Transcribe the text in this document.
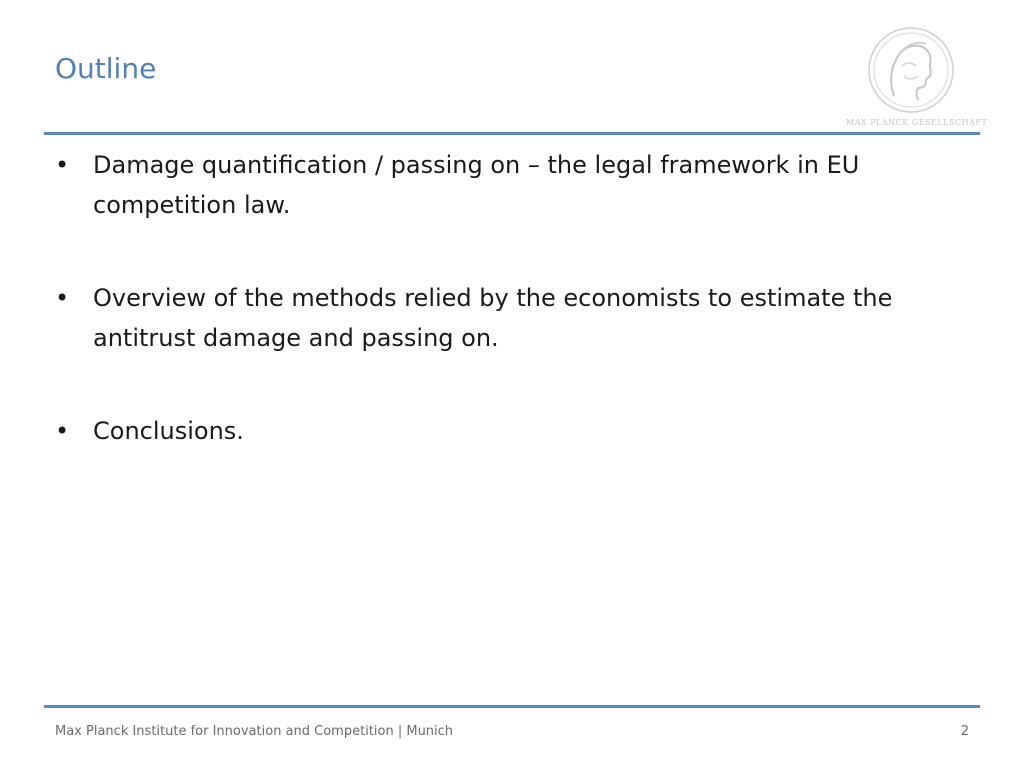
Outline
MAX PLANCK GESELLSCHAFT
• Damage quantification / passing on – the legal framework in EU competition law.
• Overview of the methods relied by the economists to estimate the antitrust damage and passing on.
• Conclusions.
Max Planck Institute for Innovation and Competition | Munich	2
